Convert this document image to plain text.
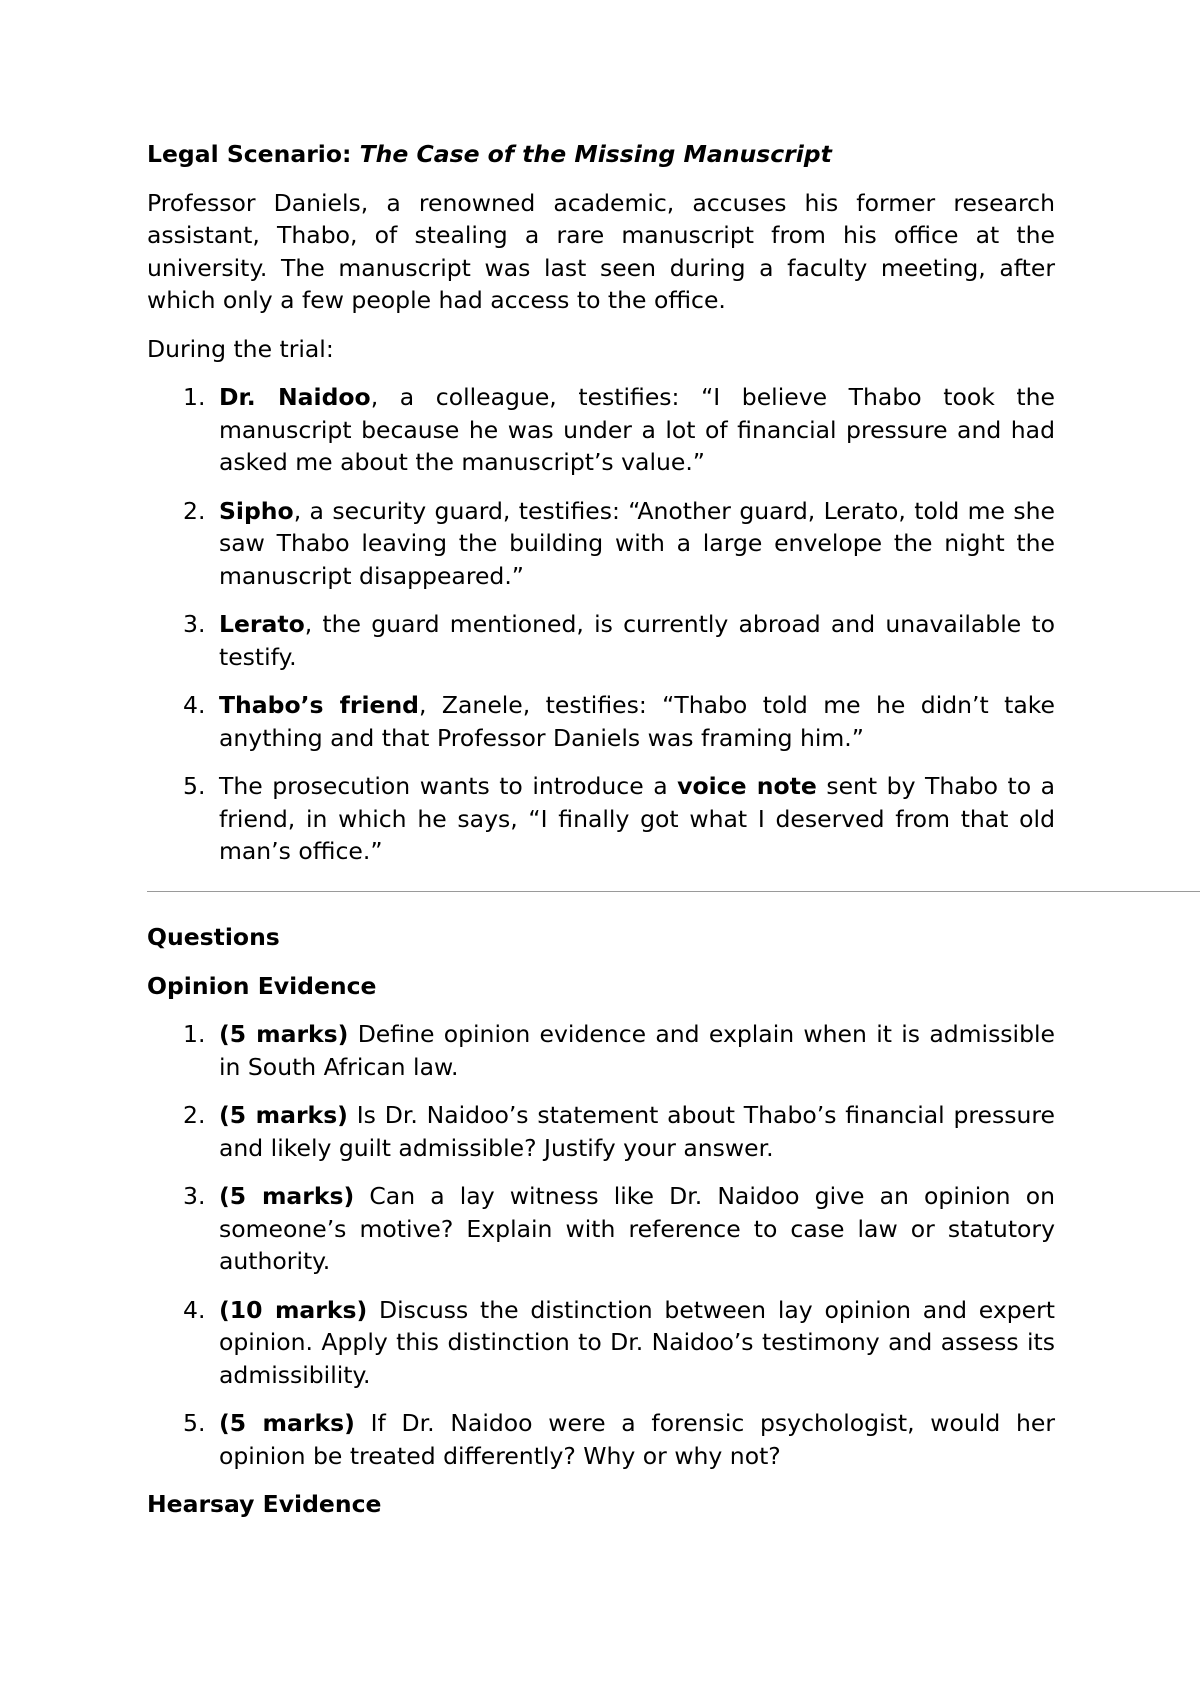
Legal Scenario: The Case of the Missing Manuscript

Professor Daniels, a renowned academic, accuses his former research assistant, Thabo, of stealing a rare manuscript from his office at the university. The manuscript was last seen during a faculty meeting, after which only a few people had access to the office.

During the trial:

1. Dr. Naidoo, a colleague, testifies: “I believe Thabo took the manuscript because he was under a lot of financial pressure and had asked me about the manuscript’s value.”
2. Sipho, a security guard, testifies: “Another guard, Lerato, told me she saw Thabo leaving the building with a large envelope the night the manuscript disappeared.”
3. Lerato, the guard mentioned, is currently abroad and unavailable to testify.
4. Thabo’s friend, Zanele, testifies: “Thabo told me he didn’t take anything and that Professor Daniels was framing him.”
5. The prosecution wants to introduce a voice note sent by Thabo to a friend, in which he says, “I finally got what I deserved from that old man’s office.”

Questions

Opinion Evidence

1. (5 marks) Define opinion evidence and explain when it is admissible in South African law.
2. (5 marks) Is Dr. Naidoo’s statement about Thabo’s financial pressure and likely guilt admissible? Justify your answer.
3. (5 marks) Can a lay witness like Dr. Naidoo give an opinion on someone’s motive? Explain with reference to case law or statutory authority.
4. (10 marks) Discuss the distinction between lay opinion and expert opinion. Apply this distinction to Dr. Naidoo’s testimony and assess its admissibility.
5. (5 marks) If Dr. Naidoo were a forensic psychologist, would her opinion be treated differently? Why or why not?

Hearsay Evidence
